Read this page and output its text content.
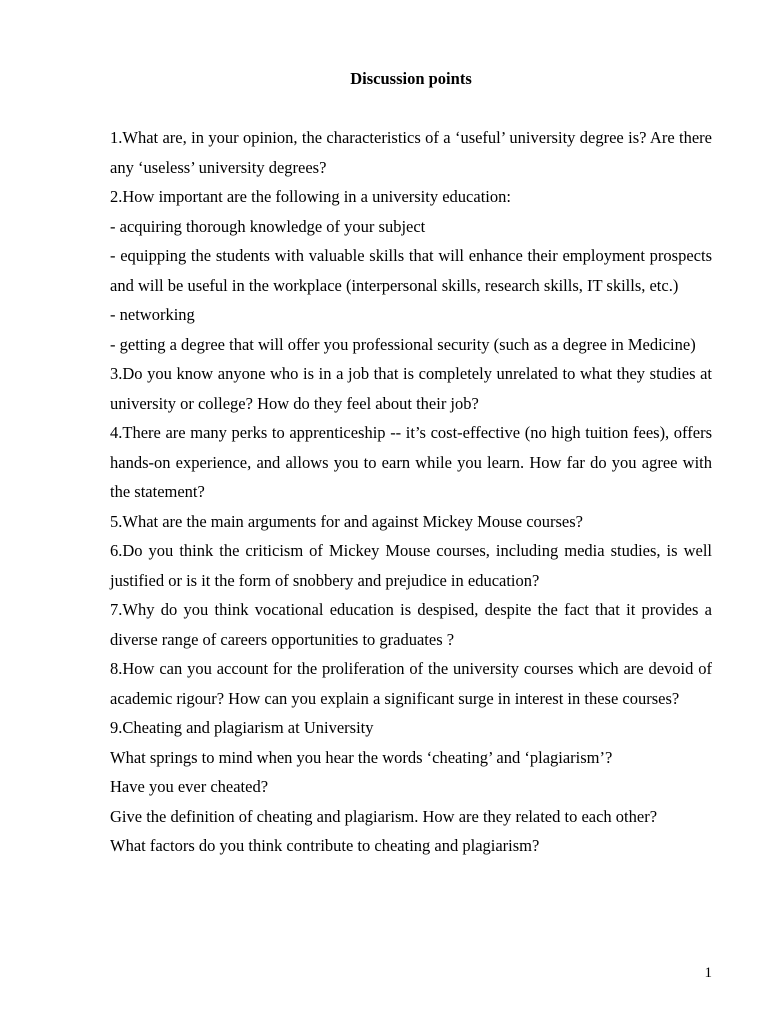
Discussion points

1.What are, in your opinion, the characteristics of a ‘useful’ university degree is? Are there any ‘useless’ university degrees?

2.How important are the following in a university education:

- acquiring thorough knowledge of your subject

- equipping the students with valuable skills that will enhance their employment prospects and will be useful in the workplace (interpersonal skills, research skills, IT skills, etc.)

- networking

- getting a degree that will offer you professional security (such as a degree in Medicine)

3.Do you know anyone who is in a job that is completely unrelated to what they studies at university or college? How do they feel about their job?

4.There are many perks to apprenticeship -- it’s cost-effective (no high tuition fees), offers hands-on experience, and allows you to earn while you learn. How far do you agree with the statement?

5.What are the main arguments for and against Mickey Mouse courses?

6.Do you think the criticism of Mickey Mouse courses, including media studies, is well justified or is it the form of snobbery and prejudice in education?

7.Why do you think vocational education is despised, despite the fact that it provides a diverse range of careers opportunities to graduates ?

8.How can you account for the proliferation of the university courses which are devoid of academic rigour? How can you explain a significant surge in interest in these courses?

9.Cheating and plagiarism at University

What springs to mind when you hear the words ‘cheating’ and ‘plagiarism’?

Have you ever cheated?

Give the definition of cheating and plagiarism. How are they related to each other?

What factors do you think contribute to cheating and plagiarism?

1
